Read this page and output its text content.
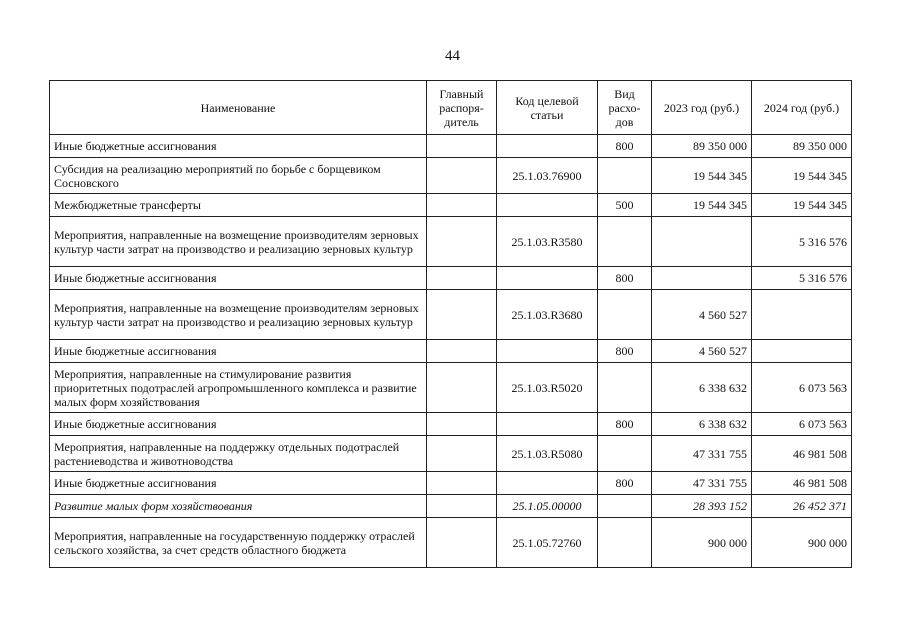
44
Наименование	Главный распоря-дитель	Код целевой статьи	Вид расхо-дов	2023 год (руб.)	2024 год (руб.)
Иные бюджетные ассигнования			800	89 350 000	89 350 000
Субсидия на реализацию мероприятий по борьбе с борщевиком Сосновского		25.1.03.76900		19 544 345	19 544 345
Межбюджетные трансферты			500	19 544 345	19 544 345
Мероприятия, направленные на возмещение производителям зерновых культур части затрат на производство и реализацию зерновых культур		25.1.03.R3580			5 316 576
Иные бюджетные ассигнования			800		5 316 576
Мероприятия, направленные на возмещение производителям зерновых культур части затрат на производство и реализацию зерновых культур		25.1.03.R3680		4 560 527	
Иные бюджетные ассигнования			800	4 560 527	
Мероприятия, направленные на стимулирование развития приоритетных подотраслей агропромышленного комплекса и развитие малых форм хозяйствования		25.1.03.R5020		6 338 632	6 073 563
Иные бюджетные ассигнования			800	6 338 632	6 073 563
Мероприятия, направленные на поддержку отдельных подотраслей растениеводства и животноводства		25.1.03.R5080		47 331 755	46 981 508
Иные бюджетные ассигнования			800	47 331 755	46 981 508
Развитие малых форм хозяйствования		25.1.05.00000		28 393 152	26 452 371
Мероприятия, направленные на государственную поддержку отраслей сельского хозяйства, за счет средств областного бюджета		25.1.05.72760		900 000	900 000
